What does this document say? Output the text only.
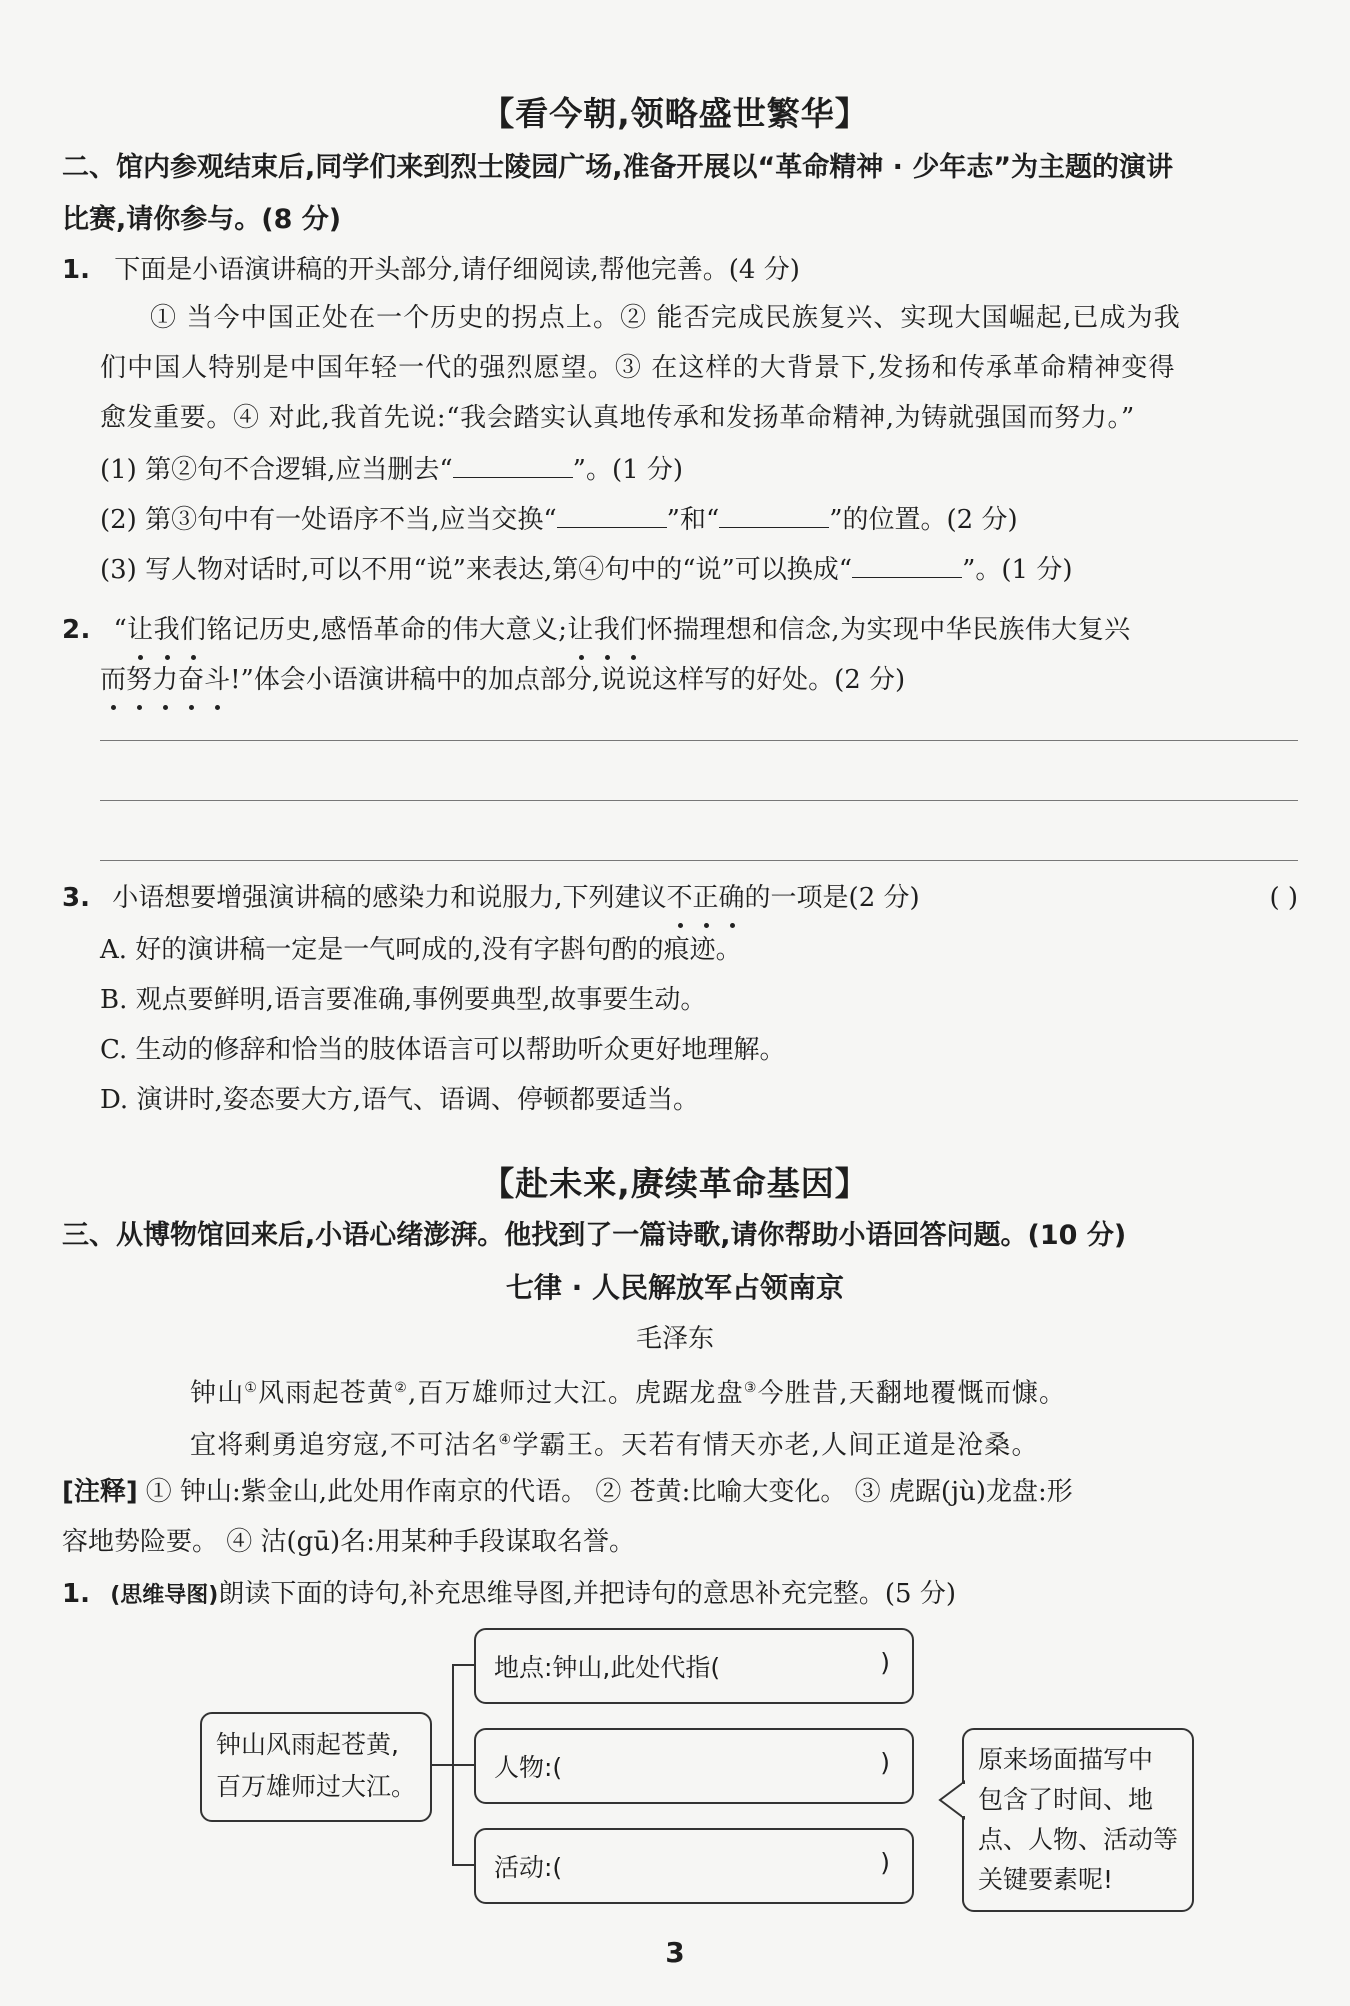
【看今朝,领略盛世繁华】
二、馆内参观结束后,同学们来到烈士陵园广场,准备开展以“革命精神 · 少年志”为主题的演讲
比赛,请你参与。(8 分)
1. 下面是小语演讲稿的开头部分,请仔细阅读,帮他完善。(4 分)
① 当今中国正处在一个历史的拐点上。② 能否完成民族复兴、实现大国崛起,已成为我
们中国人特别是中国年轻一代的强烈愿望。③ 在这样的大背景下,发扬和传承革命精神变得
愈发重要。④ 对此,我首先说:“我会踏实认真地传承和发扬革命精神,为铸就强国而努力。”
(1) 第②句不合逻辑,应当删去“	”。(1 分)
(2) 第③句中有一处语序不当,应当交换“	”和“	”的位置。(2 分)
(3) 写人物对话时,可以不用“说”来表达,第④句中的“说”可以换成“	”。(1 分)
2. “让我们铭记历史,感悟革命的伟大意义;让我们怀揣理想和信念,为实现中华民族伟大复兴
而努力奋斗!”体会小语演讲稿中的加点部分,说说这样写的好处。(2 分)
3. 小语想要增强演讲稿的感染力和说服力,下列建议不正确的一项是(2 分)	( )
A. 好的演讲稿一定是一气呵成的,没有字斟句酌的痕迹。
B. 观点要鲜明,语言要准确,事例要典型,故事要生动。
C. 生动的修辞和恰当的肢体语言可以帮助听众更好地理解。
D. 演讲时,姿态要大方,语气、语调、停顿都要适当。
【赴未来,赓续革命基因】
三、从博物馆回来后,小语心绪澎湃。他找到了一篇诗歌,请你帮助小语回答问题。(10 分)
七律 · 人民解放军占领南京
毛泽东
钟山①风雨起苍黄②,百万雄师过大江。虎踞龙盘③今胜昔,天翻地覆慨而慷。
宜将剩勇追穷寇,不可沽名④学霸王。天若有情天亦老,人间正道是沧桑。
[注释] ① 钟山:紫金山,此处用作南京的代语。 ② 苍黄:比喻大变化。 ③ 虎踞(jù)龙盘:形
容地势险要。 ④ 沽(gū)名:用某种手段谋取名誉。
1. (思维导图)朗读下面的诗句,补充思维导图,并把诗句的意思补充完整。(5 分)
钟山风雨起苍黄,
百万雄师过大江。
地点:钟山,此处代指(	)
人物:(	)
活动:(	)
原来场面描写中
包含了时间、地
点、人物、活动等
关键要素呢!
3
